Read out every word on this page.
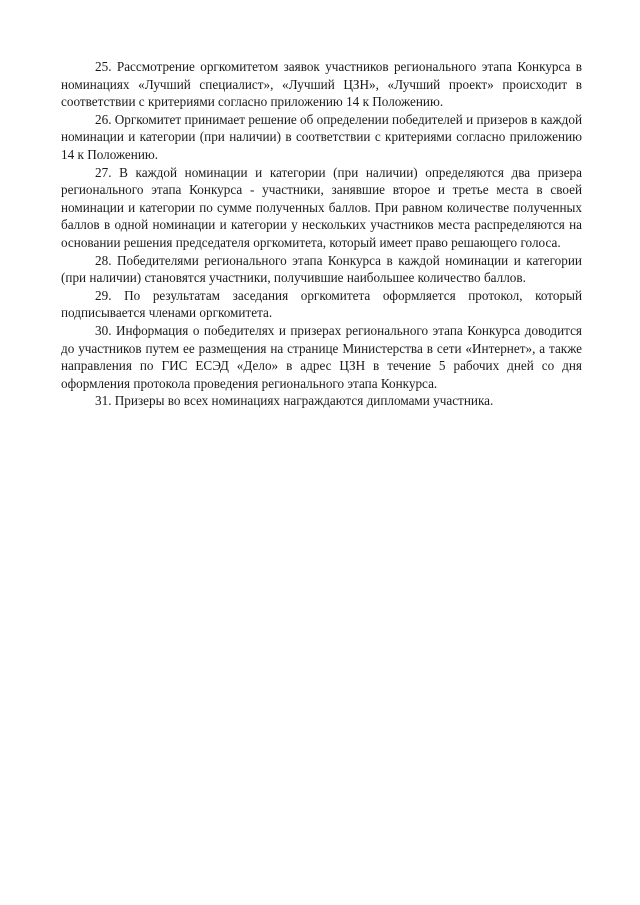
25. Рассмотрение оргкомитетом заявок участников регионального этапа Конкурса в номинациях «Лучший специалист», «Лучший ЦЗН», «Лучший проект» происходит в соответствии с критериями согласно приложению 14 к Положению.

26. Оргкомитет принимает решение об определении победителей и призеров в каждой номинации и категории (при наличии) в соответствии с критериями согласно приложению 14 к Положению.

27. В каждой номинации и категории (при наличии) определяются два призера регионального этапа Конкурса - участники, занявшие второе и третье места в своей номинации и категории по сумме полученных баллов. При равном количестве полученных баллов в одной номинации и категории у нескольких участников места распределяются на основании решения председателя оргкомитета, который имеет право решающего голоса.

28. Победителями регионального этапа Конкурса в каждой номинации и категории (при наличии) становятся участники, получившие наибольшее количество баллов.

29. По результатам заседания оргкомитета оформляется протокол, который подписывается членами оргкомитета.

30. Информация о победителях и призерах регионального этапа Конкурса доводится до участников путем ее размещения на странице Министерства в сети «Интернет», а также направления по ГИС ЕСЭД «Дело» в адрес ЦЗН в течение 5 рабочих дней со дня оформления протокола проведения регионального этапа Конкурса.

31. Призеры во всех номинациях награждаются дипломами участника.
